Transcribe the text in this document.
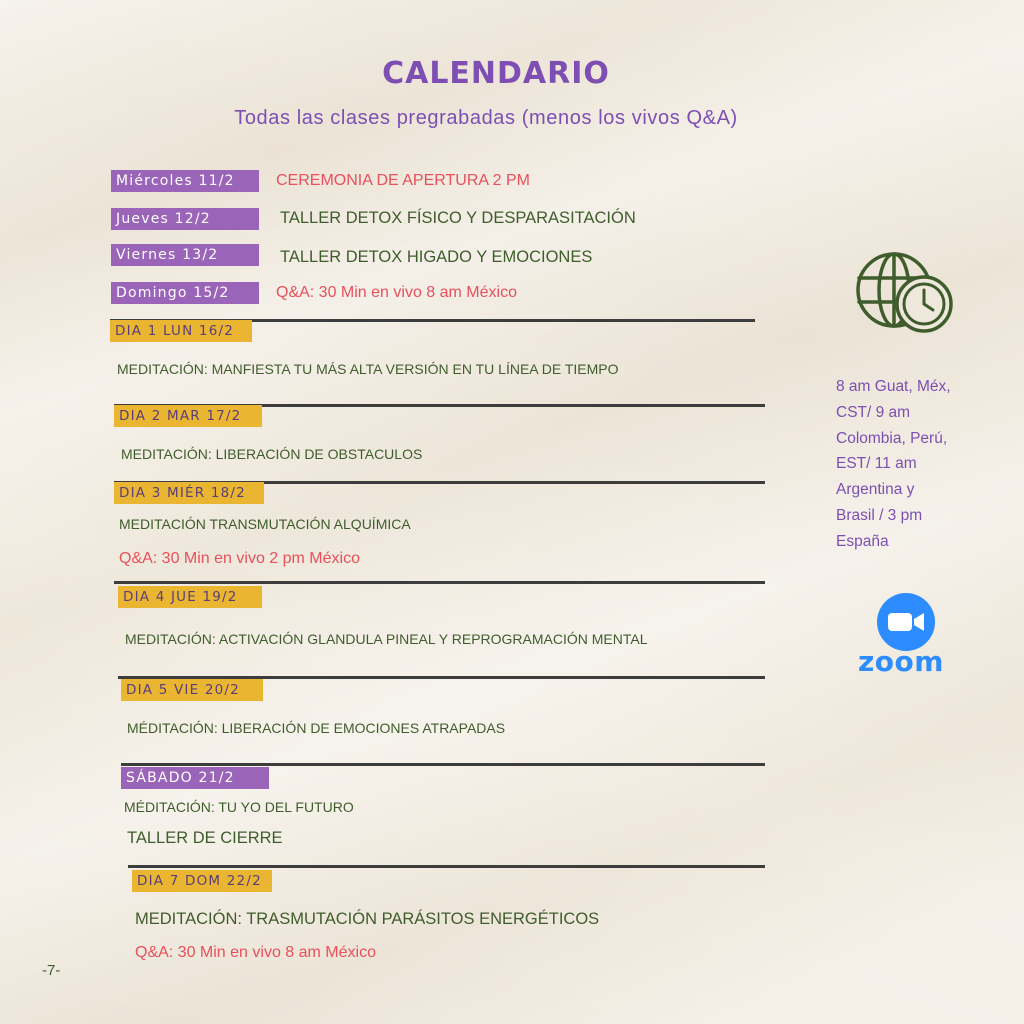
CALENDARIO
Todas las clases pregrabadas (menos los vivos Q&A)
Miércoles 11/2	CEREMONIA DE APERTURA 2 PM
Jueves 12/2	TALLER DETOX FÍSICO Y DESPARASITACIÓN
Viernes 13/2	TALLER DETOX HIGADO Y EMOCIONES
Domingo 15/2	Q&A: 30 Min en vivo 8 am México
DIA 1 LUN 16/2
MEDITACIÓN: MANFIESTA TU MÁS ALTA VERSIÓN EN TU LÍNEA DE TIEMPO
DIA 2 MAR 17/2
MEDITACIÓN: LIBERACIÓN DE OBSTACULOS
DIA 3 MIÉR 18/2
MEDITACIÓN TRANSMUTACIÓN ALQUÍMICA
Q&A: 30 Min en vivo 2 pm México
DIA 4 JUE 19/2
MEDITACIÓN: ACTIVACIÓN GLANDULA PINEAL Y REPROGRAMACIÓN MENTAL
DIA 5 VIE 20/2
MÉDITACIÓN: LIBERACIÓN DE EMOCIONES ATRAPADAS
SÁBADO 21/2
MÉDITACIÓN: TU YO DEL FUTURO
TALLER DE CIERRE
DIA 7 DOM 22/2
MEDITACIÓN: TRASMUTACIÓN PARÁSITOS ENERGÉTICOS
Q&A: 30 Min en vivo 8 am México
8 am Guat, Méx,
CST/ 9 am
Colombia, Perú,
EST/ 11 am
Argentina y
Brasil / 3 pm
España
zoom
-7-
